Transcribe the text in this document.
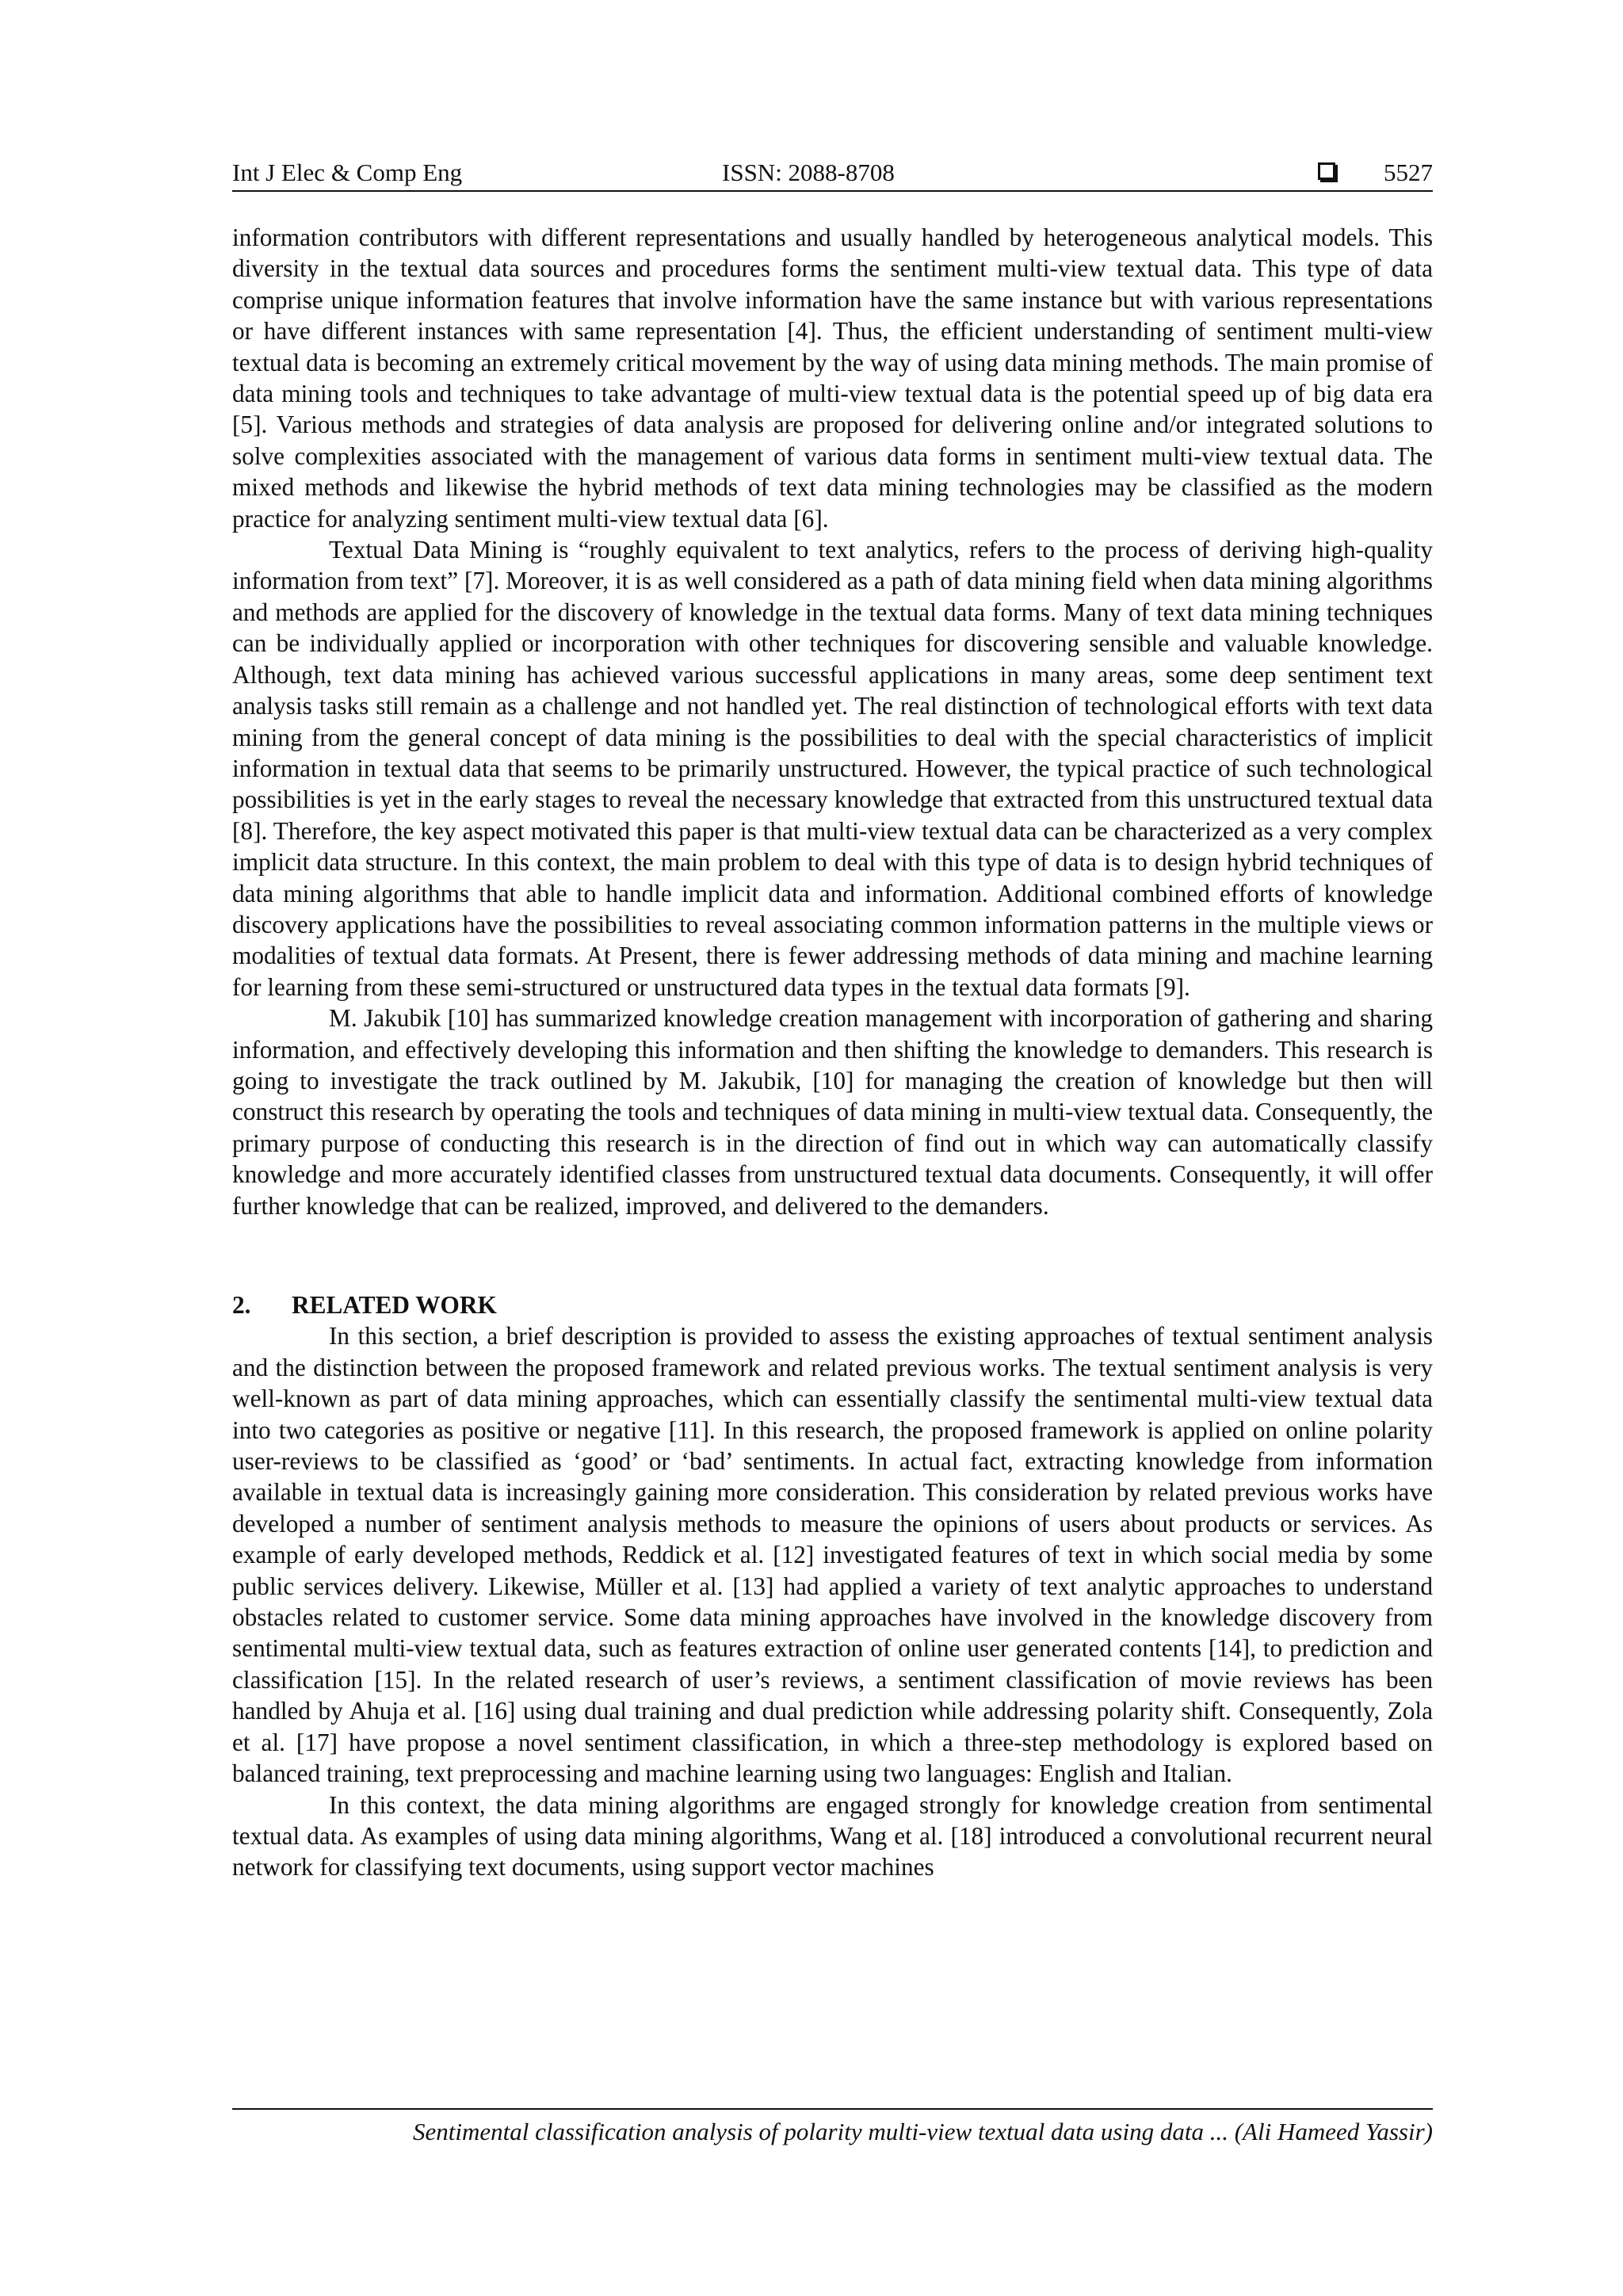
Int J Elec & Comp Eng	ISSN: 2088-8708	5527

information contributors with different representations and usually handled by heterogeneous analytical models. This diversity in the textual data sources and procedures forms the sentiment multi-view textual data. This type of data comprise unique information features that involve information have the same instance but with various representations or have different instances with same representation [4]. Thus, the efficient understanding of sentiment multi-view textual data is becoming an extremely critical movement by the way of using data mining methods. The main promise of data mining tools and techniques to take advantage of multi-view textual data is the potential speed up of big data era [5]. Various methods and strategies of data analysis are proposed for delivering online and/or integrated solutions to solve complexities associated with the management of various data forms in sentiment multi-view textual data. The mixed methods and likewise the hybrid methods of text data mining technologies may be classified as the modern practice for analyzing sentiment multi-view textual data [6].

Textual Data Mining is “roughly equivalent to text analytics, refers to the process of deriving high-quality information from text” [7]. Moreover, it is as well considered as a path of data mining field when data mining algorithms and methods are applied for the discovery of knowledge in the textual data forms. Many of text data mining techniques can be individually applied or incorporation with other techniques for discovering sensible and valuable knowledge. Although, text data mining has achieved various successful applications in many areas, some deep sentiment text analysis tasks still remain as a challenge and not handled yet. The real distinction of technological efforts with text data mining from the general concept of data mining is the possibilities to deal with the special characteristics of implicit information in textual data that seems to be primarily unstructured. However, the typical practice of such technological possibilities is yet in the early stages to reveal the necessary knowledge that extracted from this unstructured textual data [8]. Therefore, the key aspect motivated this paper is that multi-view textual data can be characterized as a very complex implicit data structure. In this context, the main problem to deal with this type of data is to design hybrid techniques of data mining algorithms that able to handle implicit data and information. Additional combined efforts of knowledge discovery applications have the possibilities to reveal associating common information patterns in the multiple views or modalities of textual data formats. At Present, there is fewer addressing methods of data mining and machine learning for learning from these semi-structured or unstructured data types in the textual data formats [9].

M. Jakubik [10] has summarized knowledge creation management with incorporation of gathering and sharing information, and effectively developing this information and then shifting the knowledge to demanders. This research is going to investigate the track outlined by M. Jakubik, [10] for managing the creation of knowledge but then will construct this research by operating the tools and techniques of data mining in multi-view textual data. Consequently, the primary purpose of conducting this research is in the direction of find out in which way can automatically classify knowledge and more accurately identified classes from unstructured textual data documents. Consequently, it will offer further knowledge that can be realized, improved, and delivered to the demanders.

2. RELATED WORK

In this section, a brief description is provided to assess the existing approaches of textual sentiment analysis and the distinction between the proposed framework and related previous works. The textual sentiment analysis is very well-known as part of data mining approaches, which can essentially classify the sentimental multi-view textual data into two categories as positive or negative [11]. In this research, the proposed framework is applied on online polarity user-reviews to be classified as ‘good’ or ‘bad’ sentiments. In actual fact, extracting knowledge from information available in textual data is increasingly gaining more consideration. This consideration by related previous works have developed a number of sentiment analysis methods to measure the opinions of users about products or services. As example of early developed methods, Reddick et al. [12] investigated features of text in which social media by some public services delivery. Likewise, Müller et al. [13] had applied a variety of text analytic approaches to understand obstacles related to customer service. Some data mining approaches have involved in the knowledge discovery from sentimental multi-view textual data, such as features extraction of online user generated contents [14], to prediction and classification [15]. In the related research of user’s reviews, a sentiment classification of movie reviews has been handled by Ahuja et al. [16] using dual training and dual prediction while addressing polarity shift. Consequently, Zola et al. [17] have propose a novel sentiment classification, in which a three-step methodology is explored based on balanced training, text preprocessing and machine learning using two languages: English and Italian.

In this context, the data mining algorithms are engaged strongly for knowledge creation from sentimental textual data. As examples of using data mining algorithms, Wang et al. [18] introduced a convolutional recurrent neural network for classifying text documents, using support vector machines

Sentimental classification analysis of polarity multi-view textual data using data ... (Ali Hameed Yassir)
